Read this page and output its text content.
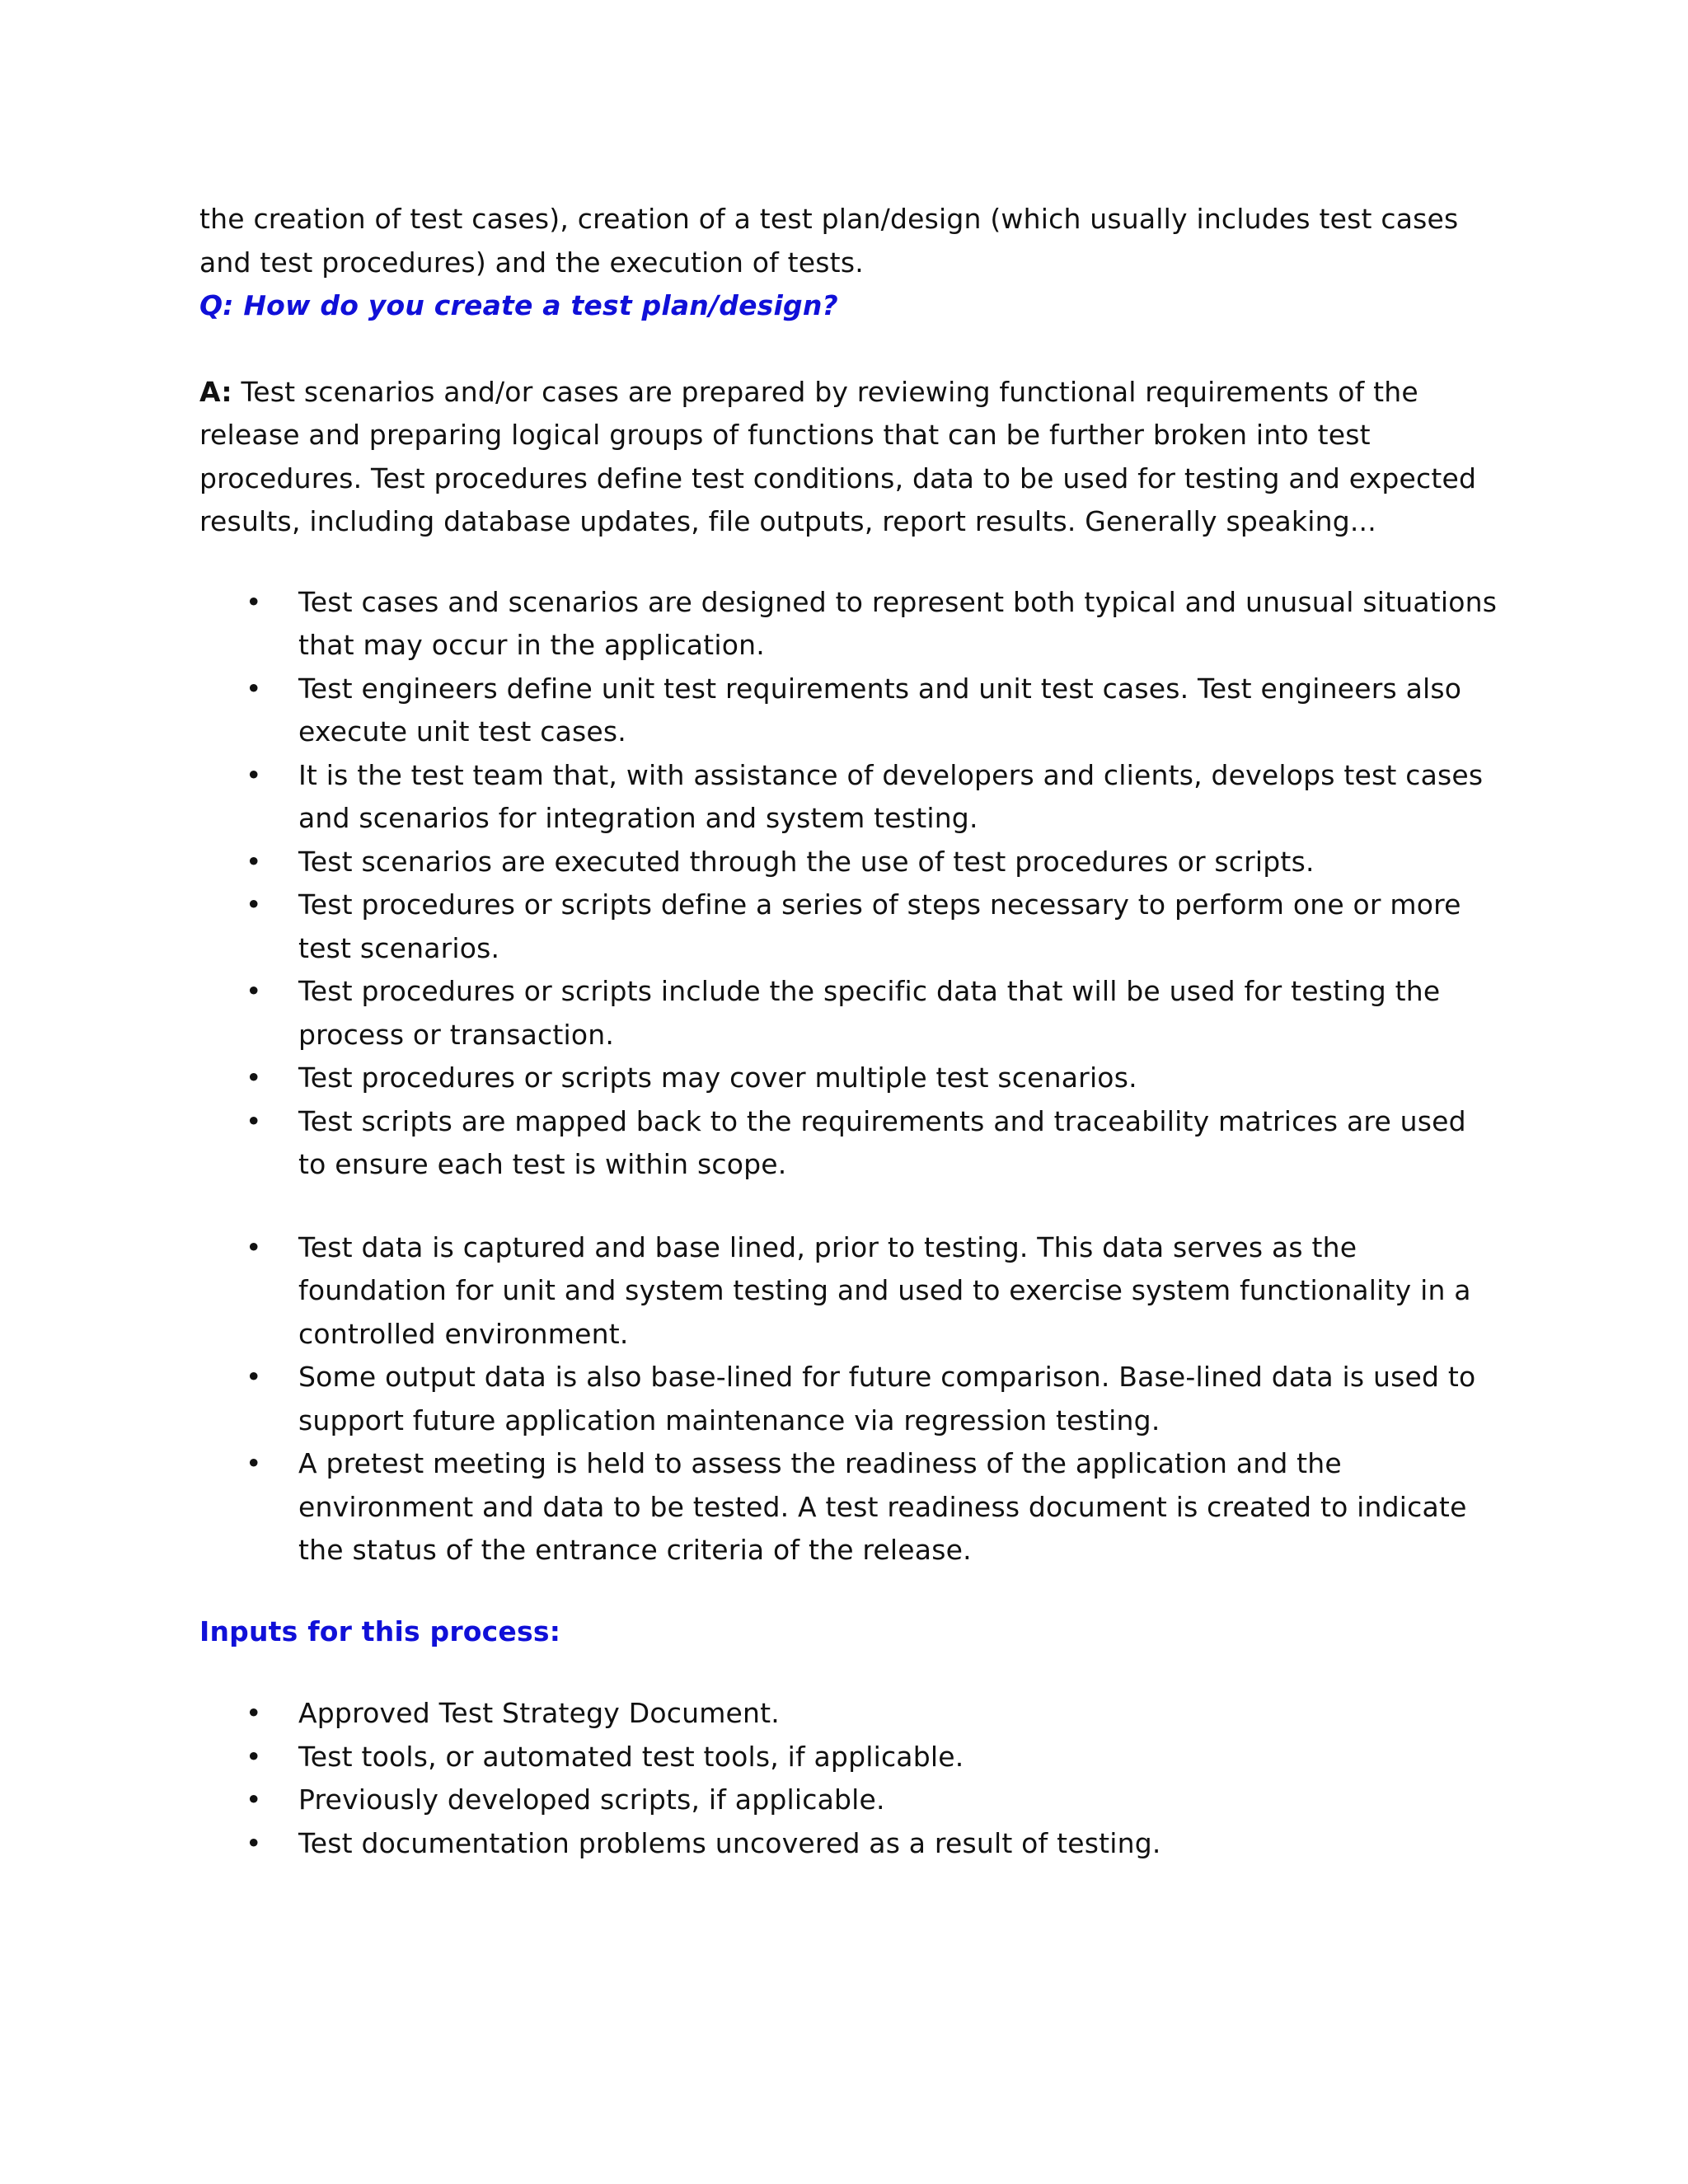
the creation of test cases), creation of a test plan/design (which usually includes test cases
and test procedures) and the execution of tests.

Q: How do you create a test plan/design?

A: Test scenarios and/or cases are prepared by reviewing functional requirements of the release and preparing logical groups of functions that can be further broken into test procedures. Test procedures define test conditions, data to be used for testing and expected results, including database updates, file outputs, report results. Generally speaking...

•	Test cases and scenarios are designed to represent both typical and unusual situations that may occur in the application.
•	Test engineers define unit test requirements and unit test cases. Test engineers also execute unit test cases.
•	It is the test team that, with assistance of developers and clients, develops test cases and scenarios for integration and system testing.
•	Test scenarios are executed through the use of test procedures or scripts.
•	Test procedures or scripts define a series of steps necessary to perform one or more test scenarios.
•	Test procedures or scripts include the specific data that will be used for testing the process or transaction.
•	Test procedures or scripts may cover multiple test scenarios.
•	Test scripts are mapped back to the requirements and traceability matrices are used to ensure each test is within scope.
•	Test data is captured and base lined, prior to testing. This data serves as the foundation for unit and system testing and used to exercise system functionality in a controlled environment.
•	Some output data is also base-lined for future comparison. Base-lined data is used to support future application maintenance via regression testing.
•	A pretest meeting is held to assess the readiness of the application and the environment and data to be tested. A test readiness document is created to indicate the status of the entrance criteria of the release.

Inputs for this process:

•	Approved Test Strategy Document.
•	Test tools, or automated test tools, if applicable.
•	Previously developed scripts, if applicable.
•	Test documentation problems uncovered as a result of testing.
